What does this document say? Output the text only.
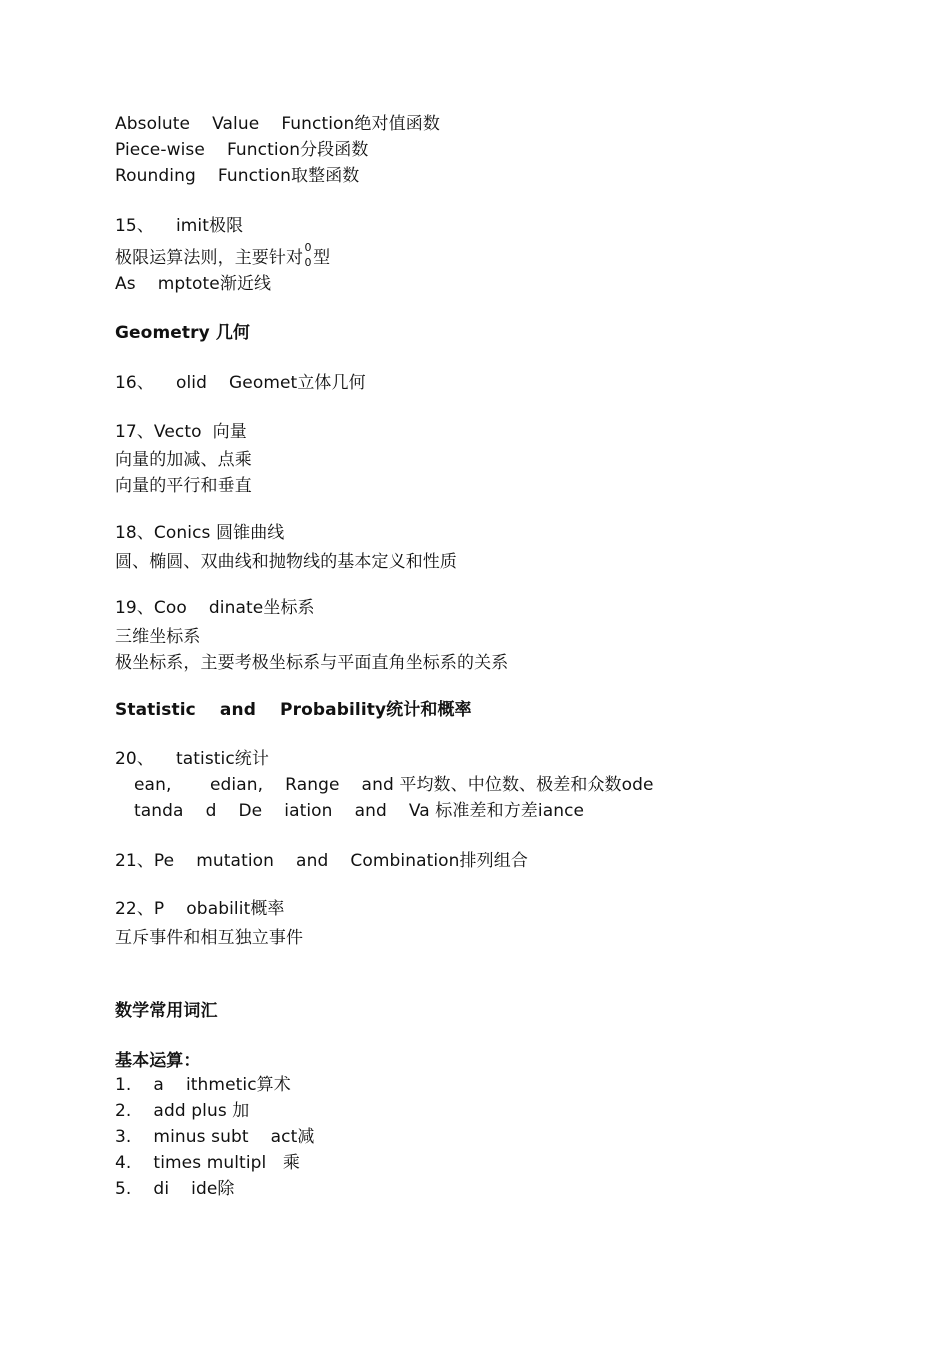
Absolute    Value    Function绝对值函数
Piece-wise    Function分段函数
Rounding    Function取整函数
15、    imit极限
极限运算法则，主要针对
0
0 型
As    mptote渐近线
Geometry 几何
16、    olid    Geomet立体几何
17、Vecto  向量
向量的加减、点乘
向量的平行和垂直
18、Conics 圆锥曲线
圆、椭圆、双曲线和抛物线的基本定义和性质
19、Coo    dinate坐标系
三维坐标系
极坐标系，主要考极坐标系与平面直角坐标系的关系
Statistic    and    Probability统计和概率
20、    tatistic统计
ean,       edian,    Range    and 平均数、中位数、极差和众数ode
tanda    d    De    iation    and    Va 标准差和方差iance
21、Pe    mutation    and    Combination排列组合
22、P    obabilit概率
互斥事件和相互独立事件
数学常用词汇
基本运算：
1.    a    ithmetic算术
2.    add plus 加
3.    minus subt    act减
4.    times multipl   乘
5.    di    ide除
